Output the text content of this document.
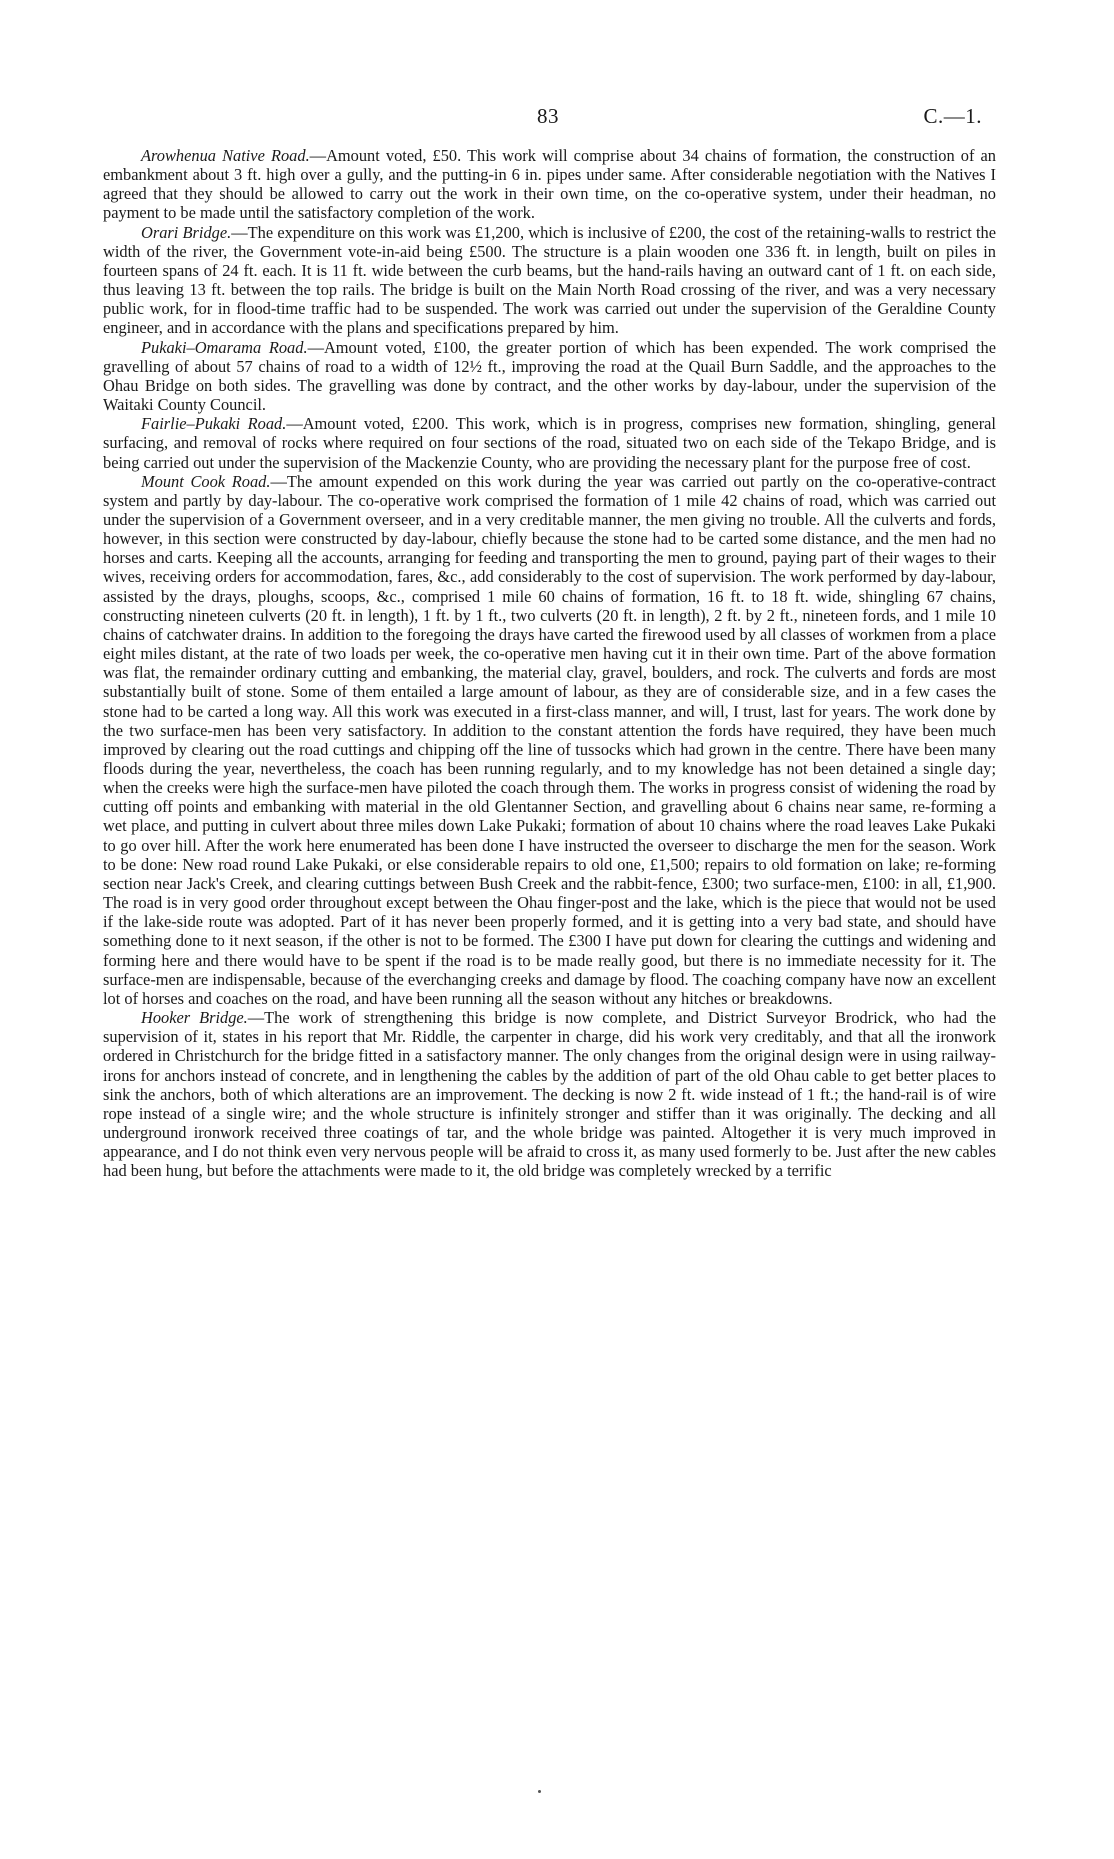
83	C.—1.

Arowhenua Native Road.—Amount voted, £50. This work will comprise about 34 chains of formation, the construction of an embankment about 3 ft. high over a gully, and the putting-in 6 in. pipes under same. After considerable negotiation with the Natives I agreed that they should be allowed to carry out the work in their own time, on the co-operative system, under their headman, no payment to be made until the satisfactory completion of the work.

Orari Bridge.—The expenditure on this work was £1,200, which is inclusive of £200, the cost of the retaining-walls to restrict the width of the river, the Government vote-in-aid being £500. The structure is a plain wooden one 336 ft. in length, built on piles in fourteen spans of 24 ft. each. It is 11 ft. wide between the curb beams, but the hand-rails having an outward cant of 1 ft. on each side, thus leaving 13 ft. between the top rails. The bridge is built on the Main North Road crossing of the river, and was a very necessary public work, for in flood-time traffic had to be suspended. The work was carried out under the supervision of the Geraldine County engineer, and in accordance with the plans and specifications prepared by him.

Pukaki–Omarama Road.—Amount voted, £100, the greater portion of which has been expended. The work comprised the gravelling of about 57 chains of road to a width of 12½ ft., improving the road at the Quail Burn Saddle, and the approaches to the Ohau Bridge on both sides. The gravelling was done by contract, and the other works by day-labour, under the supervision of the Waitaki County Council.

Fairlie–Pukaki Road.—Amount voted, £200. This work, which is in progress, comprises new formation, shingling, general surfacing, and removal of rocks where required on four sections of the road, situated two on each side of the Tekapo Bridge, and is being carried out under the supervision of the Mackenzie County, who are providing the necessary plant for the purpose free of cost.

Mount Cook Road.—The amount expended on this work during the year was carried out partly on the co-operative-contract system and partly by day-labour. The co-operative work comprised the formation of 1 mile 42 chains of road, which was carried out under the supervision of a Government overseer, and in a very creditable manner, the men giving no trouble. All the culverts and fords, however, in this section were constructed by day-labour, chiefly because the stone had to be carted some distance, and the men had no horses and carts. Keeping all the accounts, arranging for feeding and transporting the men to ground, paying part of their wages to their wives, receiving orders for accommodation, fares, &c., add considerably to the cost of supervision. The work performed by day-labour, assisted by the drays, ploughs, scoops, &c., comprised 1 mile 60 chains of formation, 16 ft. to 18 ft. wide, shingling 67 chains, constructing nineteen culverts (20 ft. in length), 1 ft. by 1 ft., two culverts (20 ft. in length), 2 ft. by 2 ft., nineteen fords, and 1 mile 10 chains of catchwater drains. In addition to the foregoing the drays have carted the firewood used by all classes of workmen from a place eight miles distant, at the rate of two loads per week, the co-operative men having cut it in their own time. Part of the above formation was flat, the remainder ordinary cutting and embanking, the material clay, gravel, boulders, and rock. The culverts and fords are most substantially built of stone. Some of them entailed a large amount of labour, as they are of considerable size, and in a few cases the stone had to be carted a long way. All this work was executed in a first-class manner, and will, I trust, last for years. The work done by the two surface-men has been very satisfactory. In addition to the constant attention the fords have required, they have been much improved by clearing out the road cuttings and chipping off the line of tussocks which had grown in the centre. There have been many floods during the year, nevertheless, the coach has been running regularly, and to my knowledge has not been detained a single day; when the creeks were high the surface-men have piloted the coach through them. The works in progress consist of widening the road by cutting off points and embanking with material in the old Glentanner Section, and gravelling about 6 chains near same, re-forming a wet place, and putting in culvert about three miles down Lake Pukaki; formation of about 10 chains where the road leaves Lake Pukaki to go over hill. After the work here enumerated has been done I have instructed the overseer to discharge the men for the season. Work to be done: New road round Lake Pukaki, or else considerable repairs to old one, £1,500; repairs to old formation on lake; re-forming section near Jack's Creek, and clearing cuttings between Bush Creek and the rabbit-fence, £300; two surface-men, £100: in all, £1,900. The road is in very good order throughout except between the Ohau finger-post and the lake, which is the piece that would not be used if the lake-side route was adopted. Part of it has never been properly formed, and it is getting into a very bad state, and should have something done to it next season, if the other is not to be formed. The £300 I have put down for clearing the cuttings and widening and forming here and there would have to be spent if the road is to be made really good, but there is no immediate necessity for it. The surface-men are indispensable, because of the everchanging creeks and damage by flood. The coaching company have now an excellent lot of horses and coaches on the road, and have been running all the season without any hitches or breakdowns.

Hooker Bridge.—The work of strengthening this bridge is now complete, and District Surveyor Brodrick, who had the supervision of it, states in his report that Mr. Riddle, the carpenter in charge, did his work very creditably, and that all the ironwork ordered in Christchurch for the bridge fitted in a satisfactory manner. The only changes from the original design were in using railway-irons for anchors instead of concrete, and in lengthening the cables by the addition of part of the old Ohau cable to get better places to sink the anchors, both of which alterations are an improvement. The decking is now 2 ft. wide instead of 1 ft.; the hand-rail is of wire rope instead of a single wire; and the whole structure is infinitely stronger and stiffer than it was originally. The decking and all underground ironwork received three coatings of tar, and the whole bridge was painted. Altogether it is very much improved in appearance, and I do not think even very nervous people will be afraid to cross it, as many used formerly to be. Just after the new cables had been hung, but before the attachments were made to it, the old bridge was completely wrecked by a terrific
